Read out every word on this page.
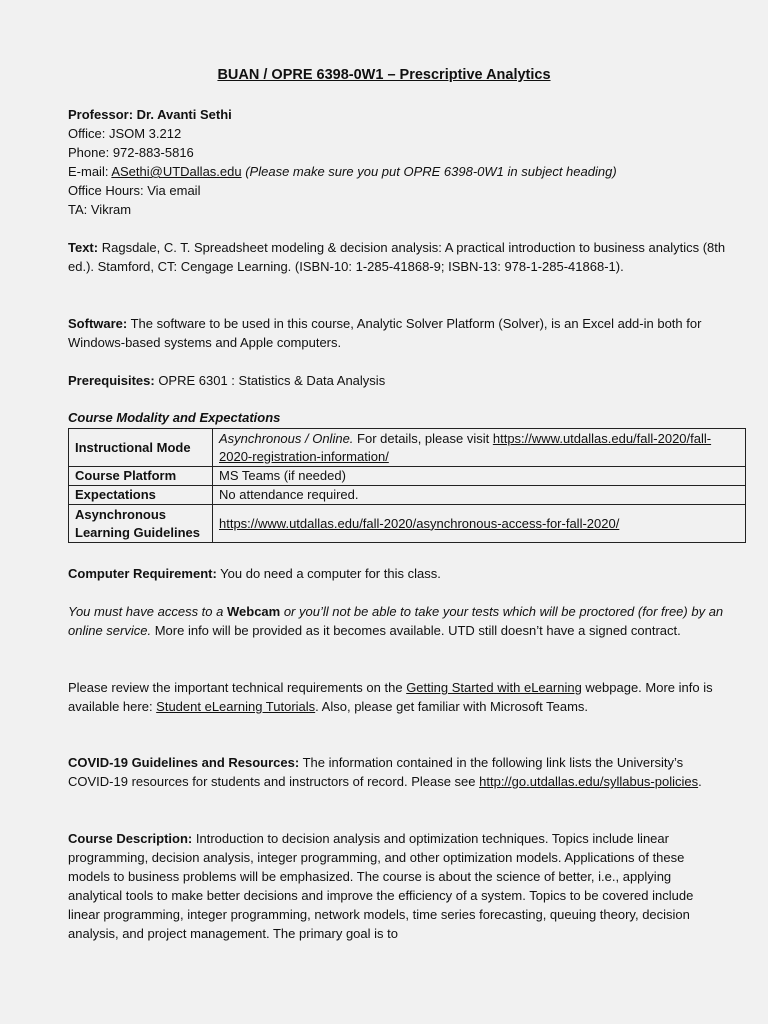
BUAN / OPRE 6398-0W1 – Prescriptive Analytics

Professor: Dr. Avanti Sethi

Office: JSOM 3.212

Phone: 972-883-5816

E-mail: ASethi@UTDallas.edu (Please make sure you put OPRE 6398-0W1 in subject heading)

Office Hours: Via email

TA: Vikram

Text: Ragsdale, C. T. Spreadsheet modeling & decision analysis: A practical introduction to business analytics (8th ed.). Stamford, CT: Cengage Learning. (ISBN-10: 1-285-41868-9; ISBN-13: 978-1-285-41868-1).

Software: The software to be used in this course, Analytic Solver Platform (Solver), is an Excel add-in both for Windows-based systems and Apple computers.

Prerequisites: OPRE 6301 : Statistics & Data Analysis

Course Modality and Expectations
Instructional Mode	Asynchronous / Online. For details, please visit https://www.utdallas.edu/fall-2020/fall-2020-registration-information/
Course Platform	MS Teams (if needed)
Expectations	No attendance required.
Asynchronous Learning Guidelines	https://www.utdallas.edu/fall-2020/asynchronous-access-for-fall-2020/

Computer Requirement: You do need a computer for this class.

You must have access to a Webcam or you’ll not be able to take your tests which will be proctored (for free) by an online service. More info will be provided as it becomes available. UTD still doesn’t have a signed contract.

Please review the important technical requirements on the Getting Started with eLearning webpage. More info is available here: Student eLearning Tutorials. Also, please get familiar with Microsoft Teams.

COVID-19 Guidelines and Resources: The information contained in the following link lists the University’s COVID-19 resources for students and instructors of record. Please see http://go.utdallas.edu/syllabus-policies.

Course Description: Introduction to decision analysis and optimization techniques. Topics include linear programming, decision analysis, integer programming, and other optimization models. Applications of these models to business problems will be emphasized. The course is about the science of better, i.e., applying analytical tools to make better decisions and improve the efficiency of a system. Topics to be covered include linear programming, integer programming, network models, time series forecasting, queuing theory, decision analysis, and project management. The primary goal is to
